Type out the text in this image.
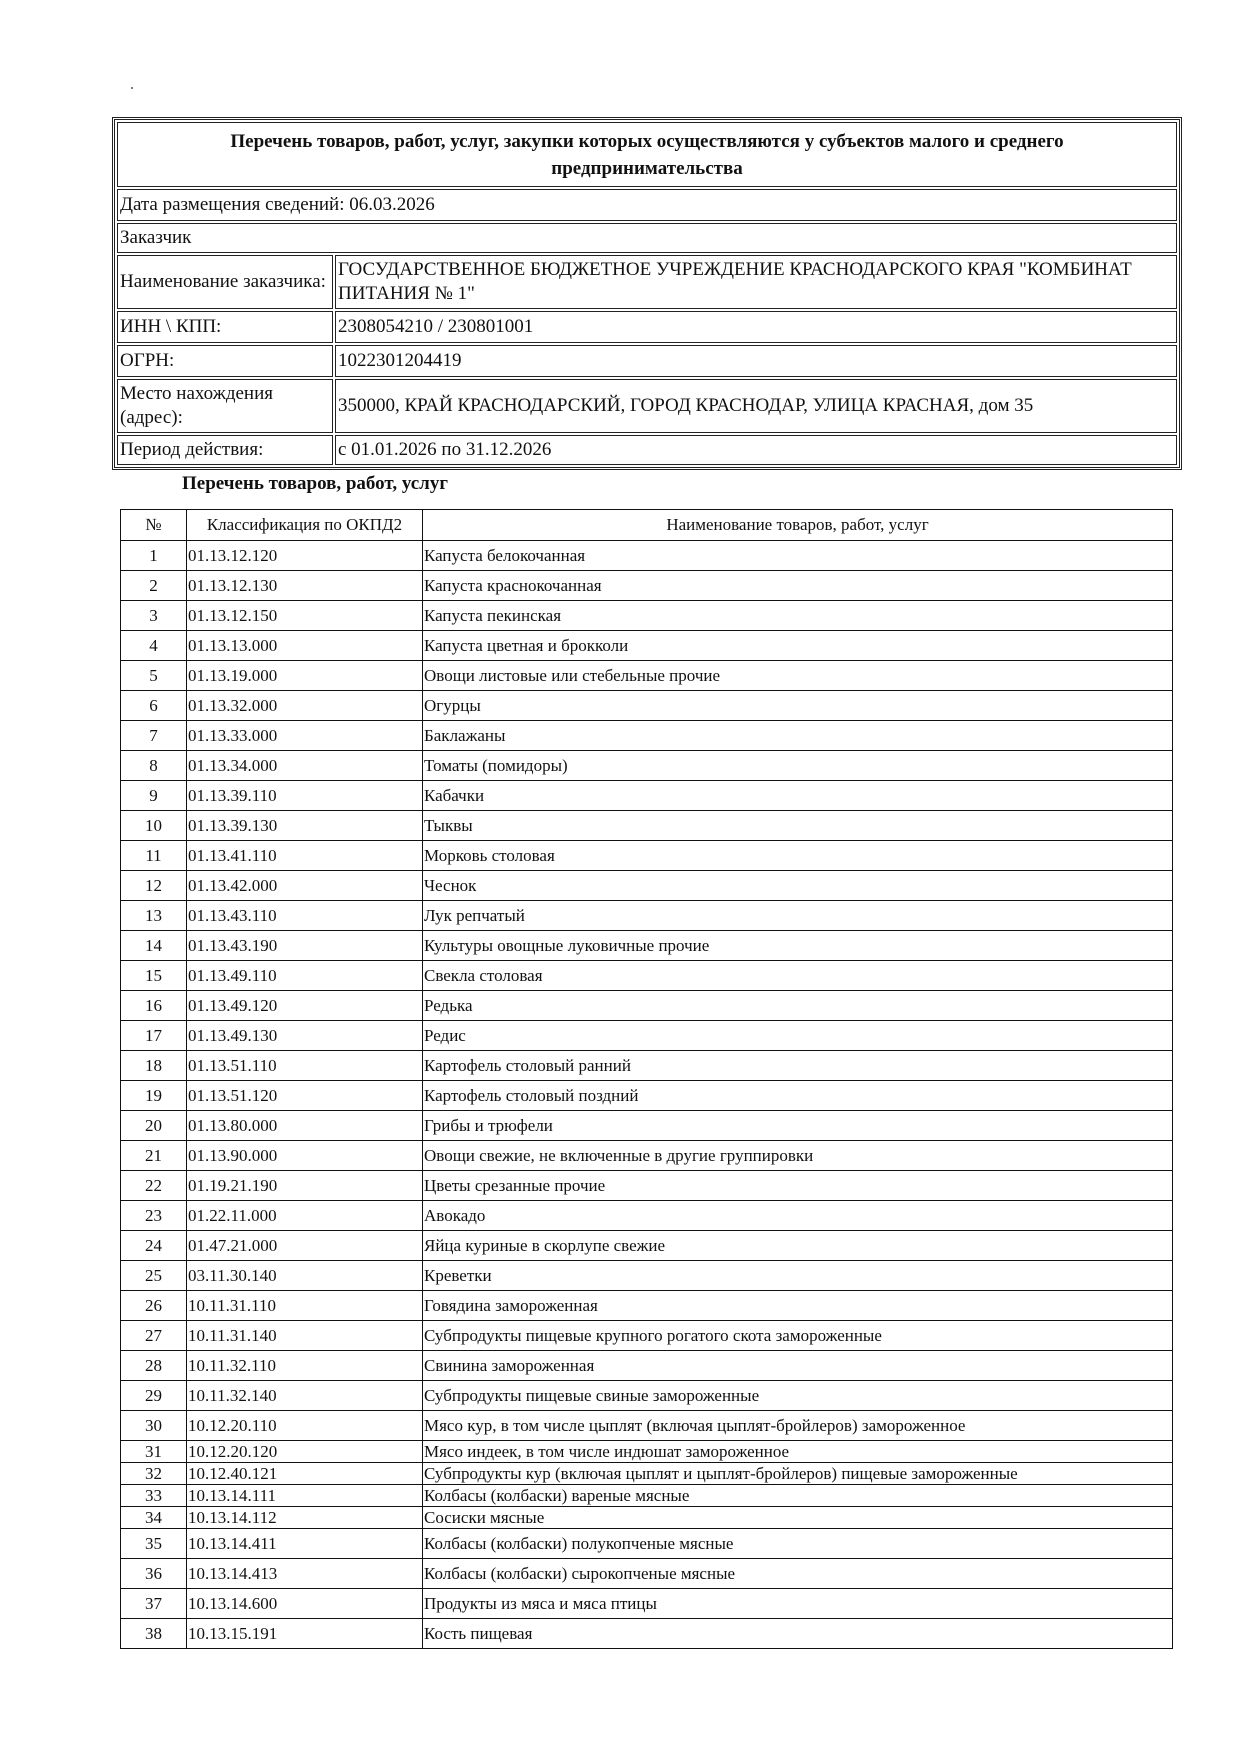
Перечень товаров, работ, услуг, закупки которых осуществляются у субъектов малого и среднего предпринимательства	
Дата размещения сведений: 06.03.2026	
Заказчик	
Наименование заказчика:	ГОСУДАРСТВЕННОЕ БЮДЖЕТНОЕ УЧРЕЖДЕНИЕ КРАСНОДАРСКОГО КРАЯ "КОМБИНАТ ПИТАНИЯ № 1"
ИНН \ КПП:	2308054210 / 230801001
ОГРН:	1022301204419
Место нахождения (адрес):	350000, КРАЙ КРАСНОДАРСКИЙ, ГОРОД КРАСНОДАР, УЛИЦА КРАСНАЯ, дом 35
Период действия:	с 01.01.2026 по 31.12.2026
Перечень товаров, работ, услуг
№	Классификация по ОКПД2	Наименование товаров, работ, услуг
1	01.13.12.120	Капуста белокочанная
2	01.13.12.130	Капуста краснокочанная
3	01.13.12.150	Капуста пекинская
4	01.13.13.000	Капуста цветная и брокколи
5	01.13.19.000	Овощи листовые или стебельные прочие
6	01.13.32.000	Огурцы
7	01.13.33.000	Баклажаны
8	01.13.34.000	Томаты (помидоры)
9	01.13.39.110	Кабачки
10	01.13.39.130	Тыквы
11	01.13.41.110	Морковь столовая
12	01.13.42.000	Чеснок
13	01.13.43.110	Лук репчатый
14	01.13.43.190	Культуры овощные луковичные прочие
15	01.13.49.110	Свекла столовая
16	01.13.49.120	Редька
17	01.13.49.130	Редис
18	01.13.51.110	Картофель столовый ранний
19	01.13.51.120	Картофель столовый поздний
20	01.13.80.000	Грибы и трюфели
21	01.13.90.000	Овощи свежие, не включенные в другие группировки
22	01.19.21.190	Цветы срезанные прочие
23	01.22.11.000	Авокадо
24	01.47.21.000	Яйца куриные в скорлупе свежие
25	03.11.30.140	Креветки
26	10.11.31.110	Говядина замороженная
27	10.11.31.140	Субпродукты пищевые крупного рогатого скота замороженные
28	10.11.32.110	Свинина замороженная
29	10.11.32.140	Субпродукты пищевые свиные замороженные
30	10.12.20.110	Мясо кур, в том числе цыплят (включая цыплят-бройлеров) замороженное
31	10.12.20.120	Мясо индеек, в том числе индюшат замороженное
32	10.12.40.121	Субпродукты кур (включая цыплят и цыплят-бройлеров) пищевые замороженные
33	10.13.14.111	Колбасы (колбаски) вареные мясные
34	10.13.14.112	Сосиски мясные
35	10.13.14.411	Колбасы (колбаски) полукопченые мясные
36	10.13.14.413	Колбасы (колбаски) сырокопченые мясные
37	10.13.14.600	Продукты из мяса и мяса птицы
38	10.13.15.191	Кость пищевая
